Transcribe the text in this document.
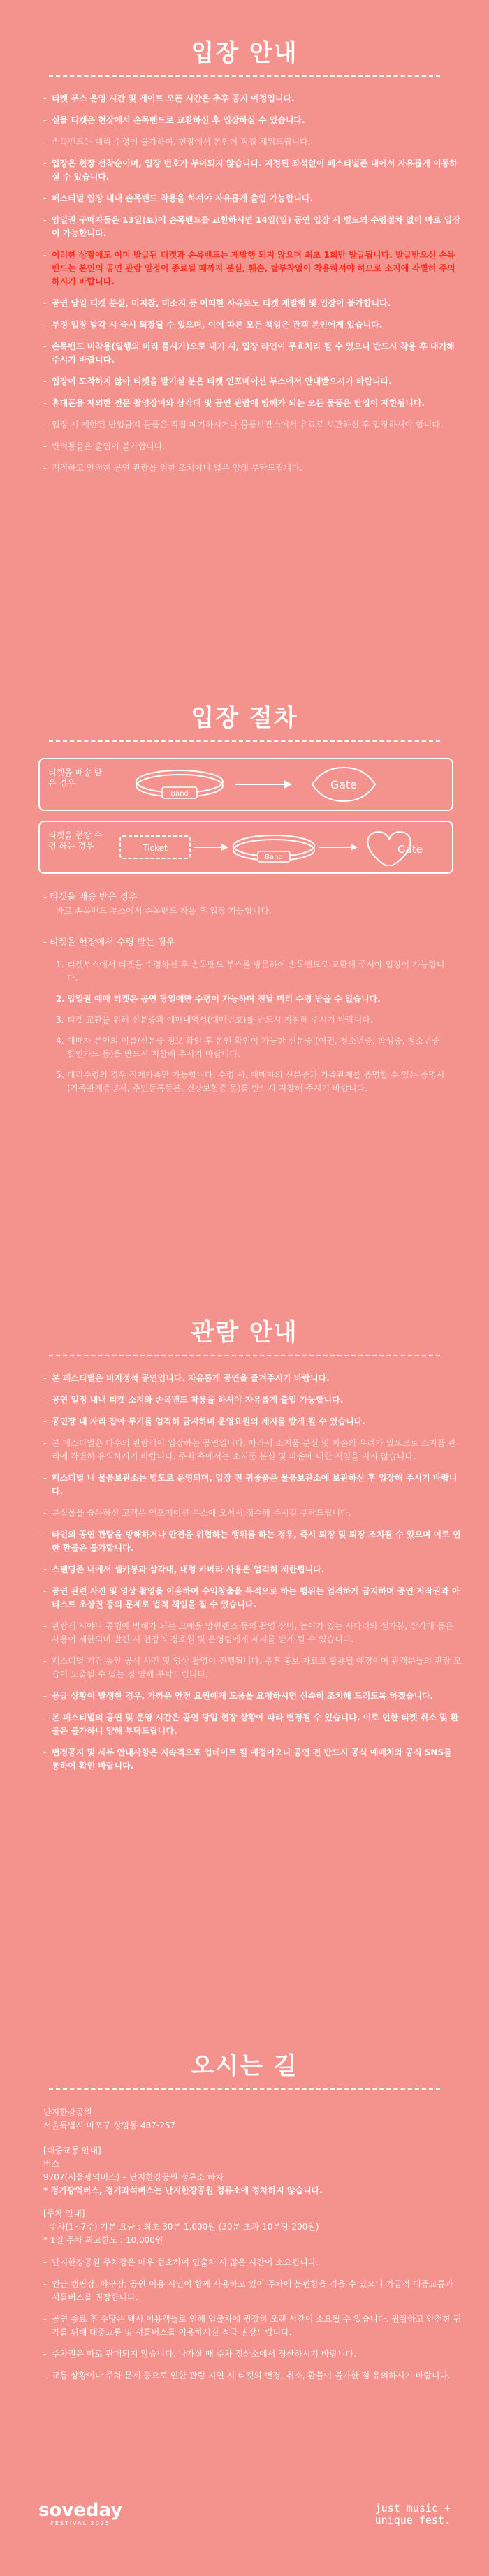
입장 안내
- 티켓 부스 운영 시간 및 게이트 오픈 시간은 추후 공지 예정입니다.
- 실물 티켓은 현장에서 손목밴드로 교환하신 후 입장하실 수 있습니다.
- 손목밴드는 대리 수령이 불가하며, 현장에서 본인이 직접 채워드립니다.
- 입장은 현장 선착순이며, 입장 번호가 부여되지 않습니다. 지정된 좌석없이 페스티벌존 내에서 자유롭게 이동하실 수 있습니다.
- 페스티벌 입장 내내 손목밴드 착용을 하셔야 자유롭게 출입 가능합니다.
- 양일권 구매자들은 13일(토)에 손목밴드를 교환하시면 14일(일) 공연 입장 시 별도의 수령절차 없이 바로 입장이 가능합니다.
- 이러한 상황에도 이미 발급된 티켓과 손목밴드는 재발행 되지 않으며 최초 1회만 발급됩니다. 발급받으신 손목밴드는 본인의 공연 관람 일정이 종료될 때까지 분실, 훼손, 탈부착없이 착용하셔야 하므로 소지에 각별히 주의하시기 바랍니다.
- 공연 당일 티켓 분실, 미지참, 미소지 등 어떠한 사유로도 티켓 재발행 및 입장이 불가합니다.
- 부정 입장 발각 시 즉시 퇴장될 수 있으며, 이에 따른 모든 책임은 관객 본인에게 있습니다.
- 손목밴드 미착용(일행의 미리 풀시기)으로 대기 시, 입장 라인이 무효처리 될 수 있으니 반드시 착용 후 대기해 주시기 바랍니다.
- 입장이 도착하지 않아 티켓을 발기실 분은 티켓 인포메이션 부스에서 안내받으시기 바랍니다.
- 휴대폰을 제외한 전문 촬영장비와 삼각대 및 공연 관람에 방해가 되는 모든 물품은 반입이 제한됩니다.
- 입장 시 제한된 반입금지 물품은 직접 폐기하시거나 물품보관소에서 유료로 보관하신 후 입장하셔야 합니다.
- 반려동물은 출입이 불가합니다.
- 쾌적하고 안전한 공연 관람을 위한 조치이니 넓은 양해 부탁드립니다.
입장 절차
티켓을 배송 받은 경우
Band
Gate
티켓을 현장 수령 하는 경우	Ticket
Band
Gate
- 티켓을 배송 받은 경우
바로 손목밴드 부스에서 손목밴드 착용 후 입장 가능합니다.
- 티켓을 현장에서 수령 받는 경우
1. 티켓부스에서 티켓을 수령하신 후 손목밴드 부스를 방문하여 손목밴드로 교환해 주셔야 입장이 가능합니다.
2. 입일권 예매 티켓은 공연 당일에만 수령이 가능하며 전날 미리 수령 받을 수 없습니다.
3. 티켓 교환을 위해 신분증과 예매내역서(예매번호)를 반드시 지참해 주시기 바랍니다.
4. 예매자 본인의 이름/신분증 정보 확인 후 본인 확인이 가능한 신분증 (여권, 청소년증, 학생증, 청소년증 할인카드 등)을 반드시 지참해 주시기 바랍니다.
5. 대리수령의 경우 직계가족만 가능합니다. 수령 시, 예매자의 신분증과 가족관계를 증명할 수 있는 증명서(가족관계증명서, 주민등록등본, 건강보험증 등)를 반드시 지참해 주시기 바랍니다.
관람 안내
- 본 페스티벌은 비지정석 공연입니다. 자유롭게 공연을 즐겨주시기 바랍니다.
- 공연 일정 내내 티켓 소지와 손목밴드 착용을 하셔야 자유롭게 출입 가능합니다.
- 공연장 내 자리 잡아 두기를 엄격히 금지하며 운영요원의 제지를 받게 될 수 있습니다.
- 본 페스티벌은 다수의 관람객이 입장하는 공연입니다. 따라서 소지품 분실 및 파손의 우려가 있으므로 소지품 관리에 각별히 유의하시기 바랍니다. 주최 측에서는 소지품 분실 및 파손에 대한 책임을 지지 않습니다.
- 페스티벌 내 물품보관소는 별도로 운영되며, 입장 전 귀중품은 물품보관소에 보관하신 후 입장해 주시기 바랍니다.
- 분실물을 습득하신 고객은 인포메이션 부스에 오셔서 접수해 주시길 부탁드립니다.
- 타인의 공연 관람을 방해하거나 안전을 위협하는 행위를 하는 경우, 즉시 퇴장 및 퇴장 조치될 수 있으며 이로 인한 환불은 불가합니다.
- 스탠딩존 내에서 셀카봉과 삼각대, 대형 카메라 사용은 엄격히 제한됩니다.
- 공연 관련 사진 및 영상 촬영을 이용하여 수익창출을 목적으로 하는 행위는 엄격하게 금지하며 공연 저작권과 아티스트 초상권 등의 문제로 법적 책임을 질 수 있습니다.
- 관람객 시야나 통행에 방해가 되는 고배율 망원렌즈 등의 촬영 장비, 높이가 있는 사다리와 셀카봉, 삼각대 등은 사용이 제한되며 발견 시 현장의 경호원 및 운영팀에게 제지를 받게 될 수 있습니다.
- 페스티벌 기간 동안 공식 사진 및 영상 촬영이 진행됩니다. 추후 홍보 자료로 활용될 예정이며 관객분들의 관람 모습이 노출될 수 있는 점 양해 부탁드립니다.
- 응급 상황이 발생한 경우, 가까운 안전 요원에게 도움을 요청하시면 신속히 조치해 드리도록 하겠습니다.
- 본 페스티벌의 공연 및 운영 시간은 공연 당일 현장 상황에 따라 변경될 수 있습니다. 이로 인한 티켓 취소 및 환불은 불가하니 양해 부탁드립니다.
- 변경공지 및 세부 안내사항은 지속적으로 업데이트 될 예정이오니 공연 전 반드시 공식 예매처와 공식 SNS를 통하여 확인 바랍니다.
오시는 길
난지한강공원
서울특별시 마포구 상암동 487-257
[대중교통 안내]
버스
9707(서울광역버스) – 난지한강공원 정류소 하차
* 경기광역버스, 경기좌석버스는 난지한강공원 정류소에 정차하지 않습니다.
[주차 안내]
- 주차(1~7주) 기본 요금 : 최초 30분 1,000원 (30분 초과 10분당 200원)
* 1일 주차 최고한도 : 10,000원
- 난지한강공원 주차장은 매우 협소하여 입출차 시 많은 시간이 소요됩니다.
- 인근 캠핑장, 야구장, 공원 이용 시민이 함께 사용하고 있어 주차에 불편함을 겪을 수 있으니 가급적 대중교통과 셔틀버스를 권장합니다.
- 공연 종료 후 수많은 택시 이용객들로 인해 입출차에 굉장히 오랜 시간이 소요될 수 있습니다. 원활하고 안전한 귀가를 위해 대중교통 및 셔틀버스를 이용하시길 적극 권장드립니다.
- 주차권은 따로 판매되지 않습니다. 나가실 때 주차 정산소에서 정산하시기 바랍니다.
- 교통 상황이나 주차 문제 등으로 인한 관람 지연 시 티켓의 변경, 취소, 환불이 불가한 점 유의하시기 바랍니다.
soveday
FESTIVAL 2025
just music +
unique fest.
